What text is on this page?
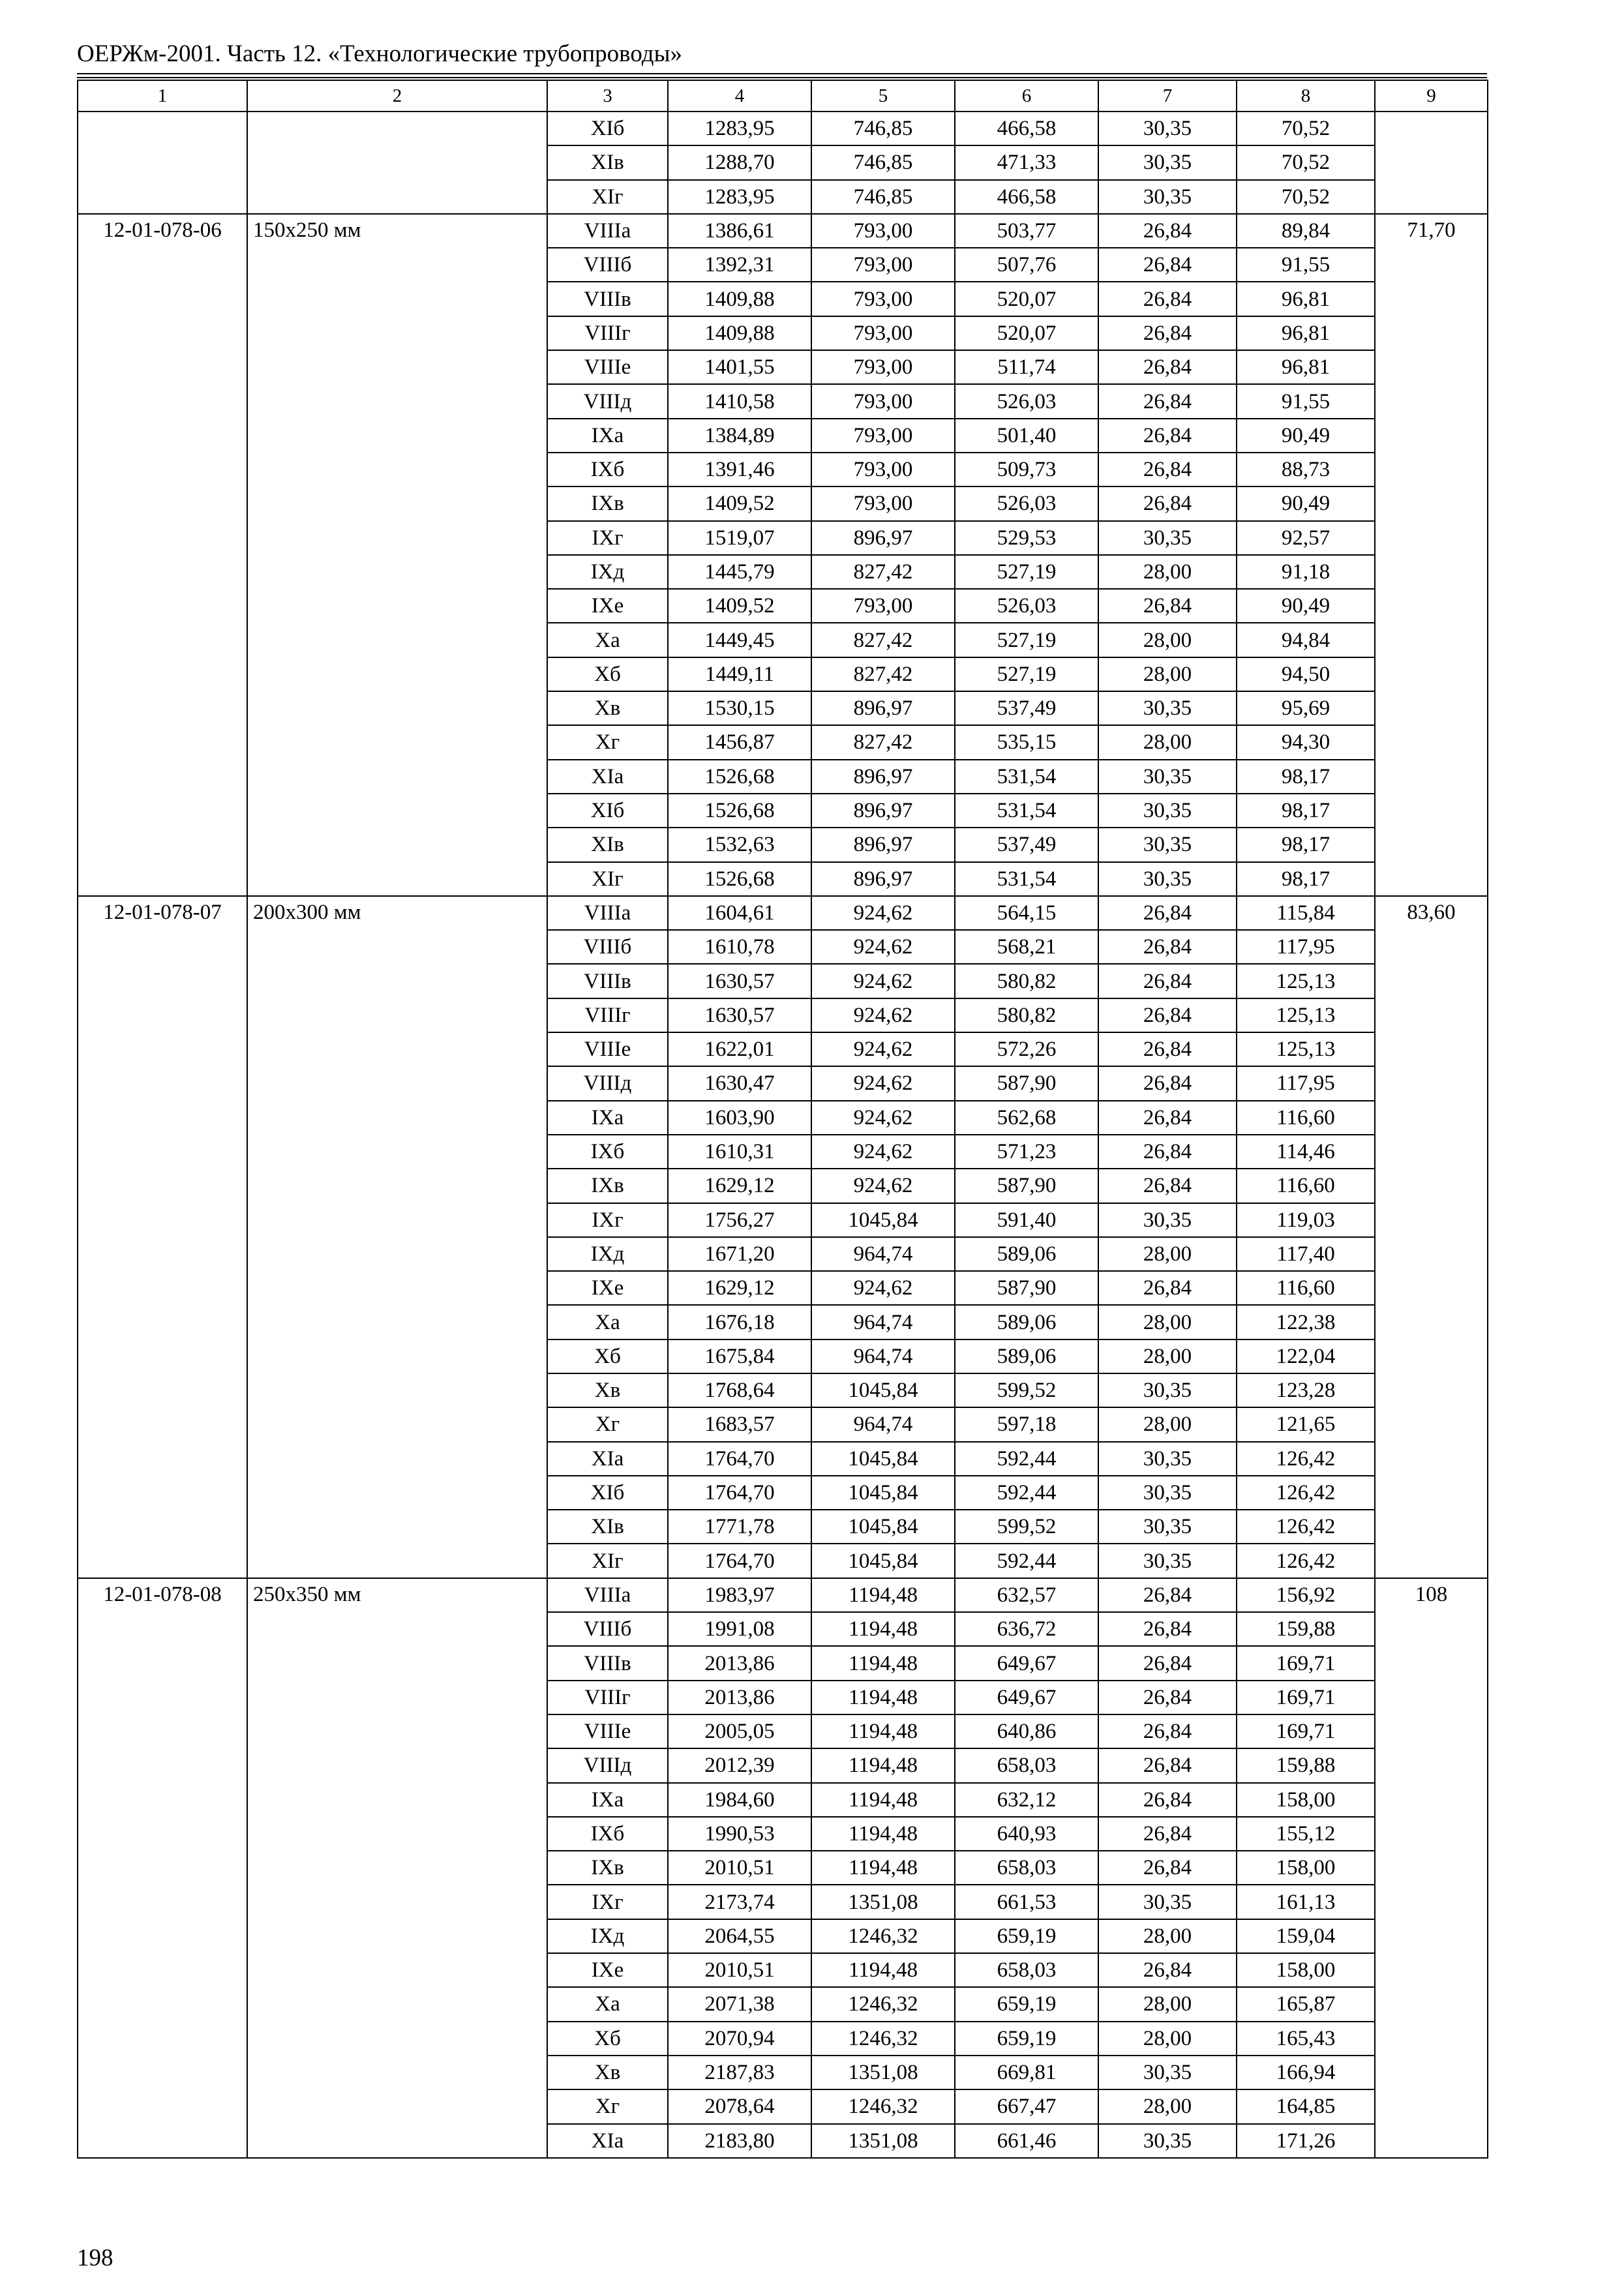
ОЕРЖм-2001. Часть 12. «Технологические трубопроводы»
1	2	3	4	5	6	7	8	9
		XIб	1283,95	746,85	466,58	30,35	70,52	
		XIв	1288,70	746,85	471,33	30,35	70,52	
		XIг	1283,95	746,85	466,58	30,35	70,52	
12-01-078-06	150х250 мм	VIIIа	1386,61	793,00	503,77	26,84	89,84	71,70
		VIIIб	1392,31	793,00	507,76	26,84	91,55	
		VIIIв	1409,88	793,00	520,07	26,84	96,81	
		VIIIг	1409,88	793,00	520,07	26,84	96,81	
		VIIIе	1401,55	793,00	511,74	26,84	96,81	
		VIIIд	1410,58	793,00	526,03	26,84	91,55	
		IXа	1384,89	793,00	501,40	26,84	90,49	
		IXб	1391,46	793,00	509,73	26,84	88,73	
		IXв	1409,52	793,00	526,03	26,84	90,49	
		IXг	1519,07	896,97	529,53	30,35	92,57	
		IXд	1445,79	827,42	527,19	28,00	91,18	
		IXе	1409,52	793,00	526,03	26,84	90,49	
		Xа	1449,45	827,42	527,19	28,00	94,84	
		Xб	1449,11	827,42	527,19	28,00	94,50	
		Xв	1530,15	896,97	537,49	30,35	95,69	
		Xг	1456,87	827,42	535,15	28,00	94,30	
		XIа	1526,68	896,97	531,54	30,35	98,17	
		XIб	1526,68	896,97	531,54	30,35	98,17	
		XIв	1532,63	896,97	537,49	30,35	98,17	
		XIг	1526,68	896,97	531,54	30,35	98,17	
12-01-078-07	200х300 мм	VIIIа	1604,61	924,62	564,15	26,84	115,84	83,60
		VIIIб	1610,78	924,62	568,21	26,84	117,95	
		VIIIв	1630,57	924,62	580,82	26,84	125,13	
		VIIIг	1630,57	924,62	580,82	26,84	125,13	
		VIIIе	1622,01	924,62	572,26	26,84	125,13	
		VIIIд	1630,47	924,62	587,90	26,84	117,95	
		IXа	1603,90	924,62	562,68	26,84	116,60	
		IXб	1610,31	924,62	571,23	26,84	114,46	
		IXв	1629,12	924,62	587,90	26,84	116,60	
		IXг	1756,27	1045,84	591,40	30,35	119,03	
		IXд	1671,20	964,74	589,06	28,00	117,40	
		IXе	1629,12	924,62	587,90	26,84	116,60	
		Xа	1676,18	964,74	589,06	28,00	122,38	
		Xб	1675,84	964,74	589,06	28,00	122,04	
		Xв	1768,64	1045,84	599,52	30,35	123,28	
		Xг	1683,57	964,74	597,18	28,00	121,65	
		XIа	1764,70	1045,84	592,44	30,35	126,42	
		XIб	1764,70	1045,84	592,44	30,35	126,42	
		XIв	1771,78	1045,84	599,52	30,35	126,42	
		XIг	1764,70	1045,84	592,44	30,35	126,42	
12-01-078-08	250х350 мм	VIIIа	1983,97	1194,48	632,57	26,84	156,92	108
		VIIIб	1991,08	1194,48	636,72	26,84	159,88	
		VIIIв	2013,86	1194,48	649,67	26,84	169,71	
		VIIIг	2013,86	1194,48	649,67	26,84	169,71	
		VIIIе	2005,05	1194,48	640,86	26,84	169,71	
		VIIIд	2012,39	1194,48	658,03	26,84	159,88	
		IXа	1984,60	1194,48	632,12	26,84	158,00	
		IXб	1990,53	1194,48	640,93	26,84	155,12	
		IXв	2010,51	1194,48	658,03	26,84	158,00	
		IXг	2173,74	1351,08	661,53	30,35	161,13	
		IXд	2064,55	1246,32	659,19	28,00	159,04	
		IXе	2010,51	1194,48	658,03	26,84	158,00	
		Xа	2071,38	1246,32	659,19	28,00	165,87	
		Xб	2070,94	1246,32	659,19	28,00	165,43	
		Xв	2187,83	1351,08	669,81	30,35	166,94	
		Xг	2078,64	1246,32	667,47	28,00	164,85	
		XIа	2183,80	1351,08	661,46	30,35	171,26	
198
